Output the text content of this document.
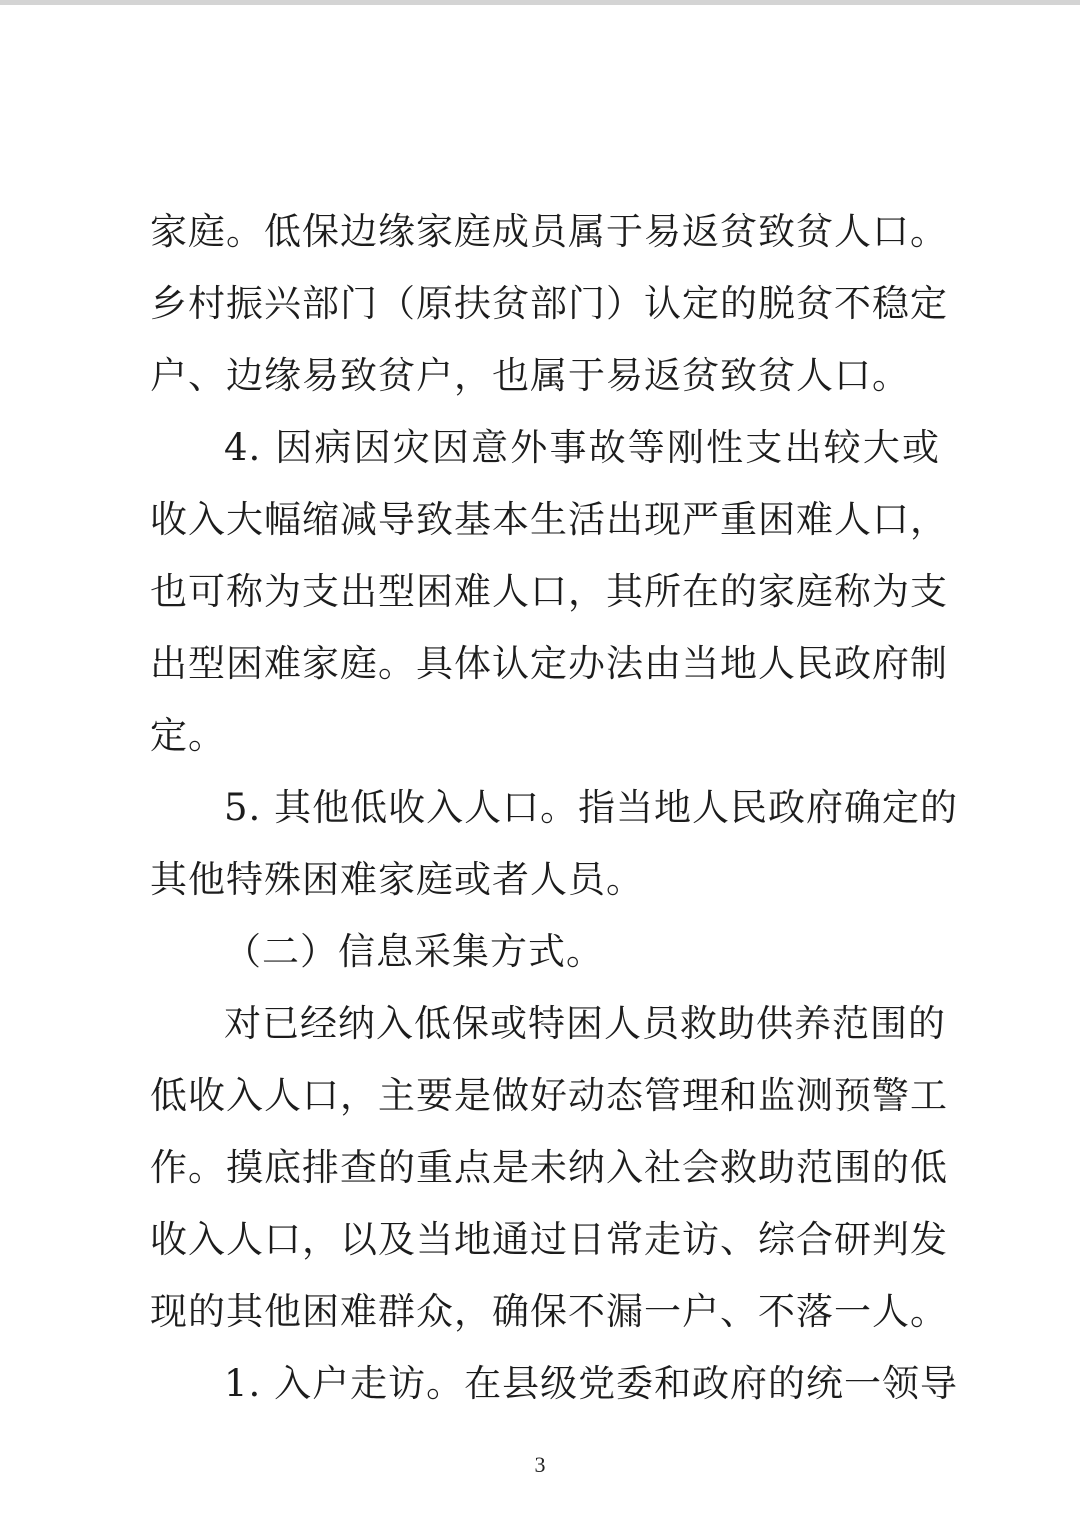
家庭。低保边缘家庭成员属于易返贫致贫人口。
乡村振兴部门（原扶贫部门）认定的脱贫不稳定
户、边缘易致贫户，也属于易返贫致贫人口。
4. 因病因灾因意外事故等刚性支出较大或
收入大幅缩减导致基本生活出现严重困难人口，
也可称为支出型困难人口，其所在的家庭称为支
出型困难家庭。具体认定办法由当地人民政府制
定。
5. 其他低收入人口。指当地人民政府确定的
其他特殊困难家庭或者人员。
（二）信息采集方式。
对已经纳入低保或特困人员救助供养范围的
低收入人口，主要是做好动态管理和监测预警工
作。摸底排查的重点是未纳入社会救助范围的低
收入人口，以及当地通过日常走访、综合研判发
现的其他困难群众，确保不漏一户、不落一人。
1. 入户走访。在县级党委和政府的统一领导
3
